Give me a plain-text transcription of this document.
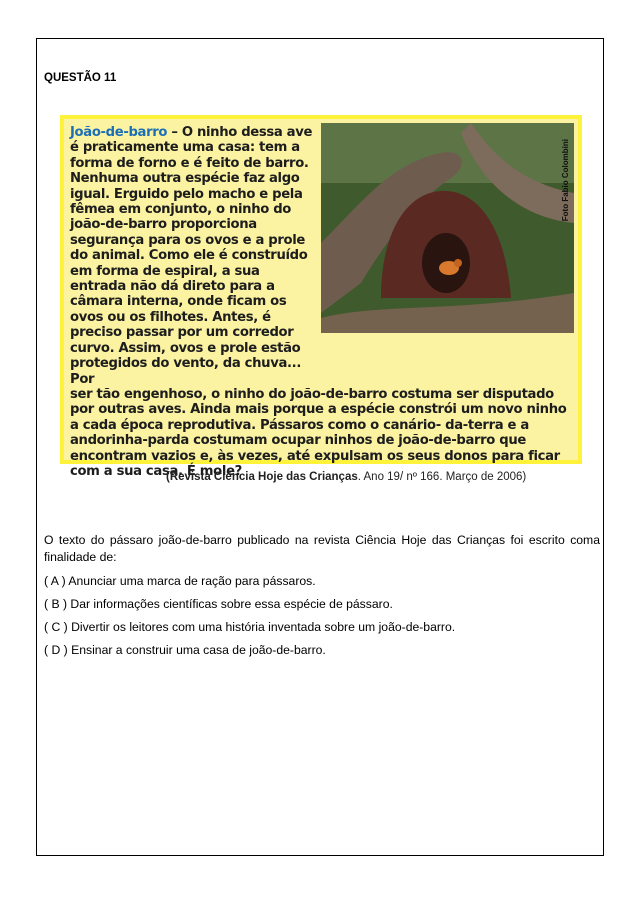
QUESTÃO 11
Foto Fabio Colombini
João-de-barro – O ninho dessa ave é praticamente uma casa: tem a forma de forno e é feito de barro. Nenhuma outra espécie faz algo igual. Erguido pelo macho e pela fêmea em conjunto, o ninho do joão-de-barro proporciona segurança para os ovos e a prole do animal. Como ele é construído em forma de espiral, a sua entrada não dá direto para a câmara interna, onde ficam os ovos ou os filhotes. Antes, é preciso passar por um corredor curvo. Assim, ovos e prole estão protegidos do vento, da chuva... Por
ser tão engenhoso, o ninho do joão-de-barro costuma ser disputado por outras aves. Ainda mais porque a espécie constrói um novo ninho a cada época reprodutiva. Pássaros como o canário- da-terra e a andorinha-parda costumam ocupar ninhos de joão-de-barro que encontram vazios e, às vezes, até expulsam os seus donos para ficar com a sua casa. É mole?
(Revista Ciência Hoje das Crianças. Ano 19/ nº 166. Março de 2006)
O texto do pássaro joão-de-barro publicado na revista Ciência Hoje das Crianças foi escrito coma finalidade de:
( A ) Anunciar uma marca de ração para pássaros.
( B ) Dar informações científicas sobre essa espécie de pássaro.
( C ) Divertir os leitores com uma história inventada sobre um joão-de-barro.
( D ) Ensinar a construir uma casa de joão-de-barro.
